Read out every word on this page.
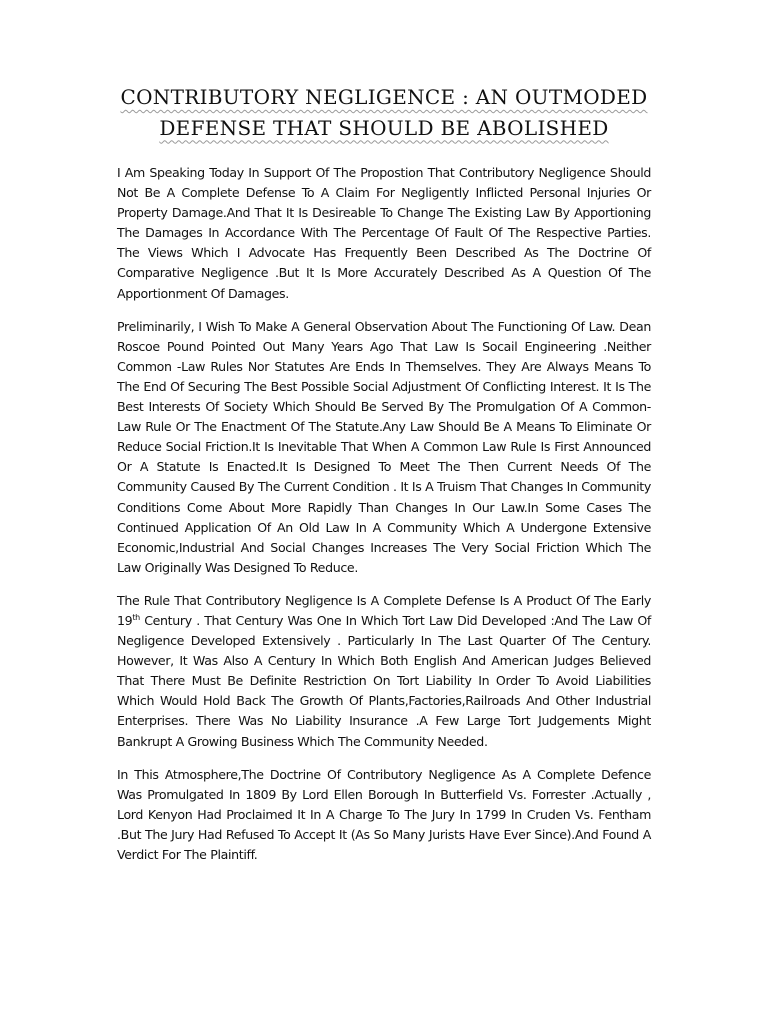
CONTRIBUTORY NEGLIGENCE : AN OUTMODED DEFENSE THAT SHOULD BE ABOLISHED

I Am Speaking Today In Support Of The Propostion That Contributory Negligence Should Not Be A Complete Defense To A Claim For Negligently Inflicted Personal Injuries Or Property Damage.And That It Is Desireable To Change The Existing Law By Apportioning The Damages In Accordance With The Percentage Of Fault Of The Respective Parties. The Views Which I Advocate Has Frequently Been Described As The Doctrine Of Comparative Negligence .But It Is More Accurately Described As A Question Of The Apportionment Of Damages.

Preliminarily, I Wish To Make A General Observation About The Functioning Of Law. Dean Roscoe Pound Pointed Out Many Years Ago That Law Is Socail Engineering .Neither Common -Law Rules Nor Statutes Are Ends In Themselves. They Are Always Means To The End Of Securing The Best Possible Social Adjustment Of Conflicting Interest. It Is The Best Interests Of Society Which Should Be Served By The Promulgation Of A Common-Law Rule Or The Enactment Of The Statute.Any Law Should Be A Means To Eliminate Or Reduce Social Friction.It Is Inevitable That When A Common Law Rule Is First Announced Or A Statute Is Enacted.It Is Designed To Meet The Then Current Needs Of The Community Caused By The Current Condition . It Is A Truism That Changes In Community Conditions Come About More Rapidly Than Changes In Our Law.In Some Cases The Continued Application Of An Old Law In A Community Which A Undergone Extensive Economic,Industrial And Social Changes Increases The Very Social Friction Which The Law Originally Was Designed To Reduce.

The Rule That Contributory Negligence Is A Complete Defense Is A Product Of The Early 19th Century . That Century Was One In Which Tort Law Did Developed :And The Law Of Negligence Developed Extensively . Particularly In The Last Quarter Of The Century. However, It Was Also A Century In Which Both English And American Judges Believed That There Must Be Definite Restriction On Tort Liability In Order To Avoid Liabilities Which Would Hold Back The Growth Of Plants,Factories,Railroads And Other Industrial Enterprises. There Was No Liability Insurance .A Few Large Tort Judgements Might Bankrupt A Growing Business Which The Community Needed.

In This Atmosphere,The Doctrine Of Contributory Negligence As A Complete Defence Was Promulgated In 1809 By Lord Ellen Borough In Butterfield Vs. Forrester .Actually , Lord Kenyon Had Proclaimed It In A Charge To The Jury In 1799 In Cruden Vs. Fentham .But The Jury Had Refused To Accept It (As So Many Jurists Have Ever Since).And Found A Verdict For The Plaintiff.
